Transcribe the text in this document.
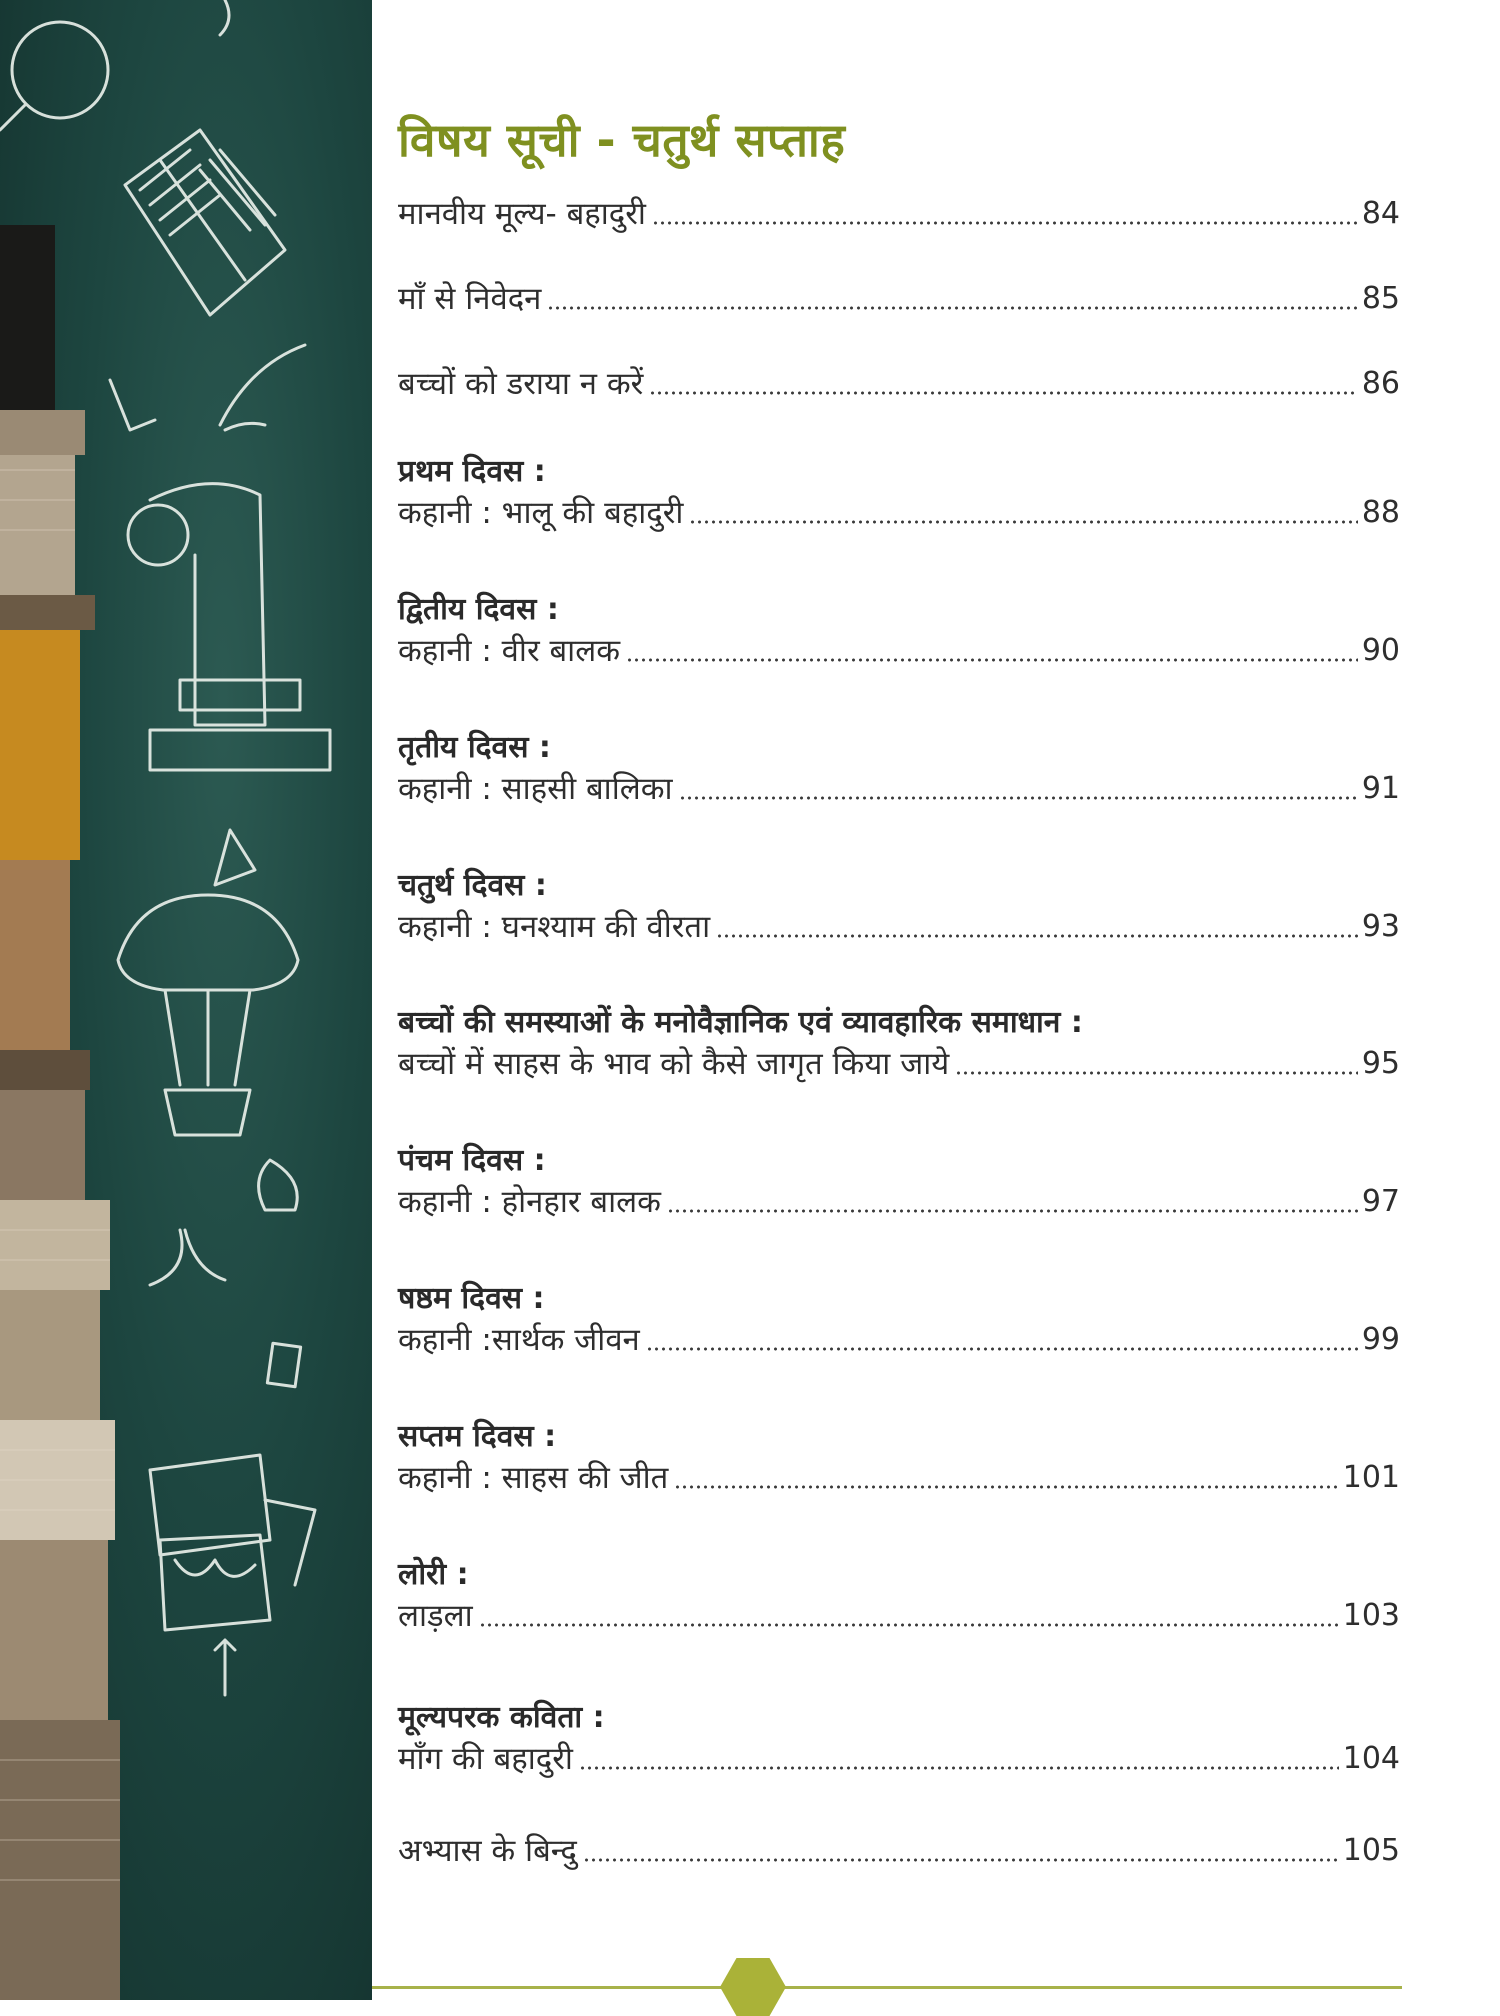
विषय सूची - चतुर्थ सप्ताह
मानवीय मूल्य- बहादुरी	84
माँ से निवेदन	85
बच्चों को डराया न करें	86
प्रथम दिवस :
कहानी : भालू की बहादुरी	88
द्वितीय दिवस :
कहानी : वीर बालक	90
तृतीय दिवस :
कहानी : साहसी बालिका	91
चतुर्थ दिवस :
कहानी : घनश्याम की वीरता	93
बच्चों की समस्याओं के मनोवैज्ञानिक एवं व्यावहारिक समाधान :
बच्चों में साहस के भाव को कैसे जागृत किया जाये	95
पंचम दिवस :
कहानी : होनहार बालक	97
षष्ठम दिवस :
कहानी :सार्थक जीवन	99
सप्तम दिवस :
कहानी : साहस की जीत	101
लोरी :
लाड़ला	103
मूल्यपरक कविता :
माँग की बहादुरी	104
अभ्यास के बिन्दु	105
